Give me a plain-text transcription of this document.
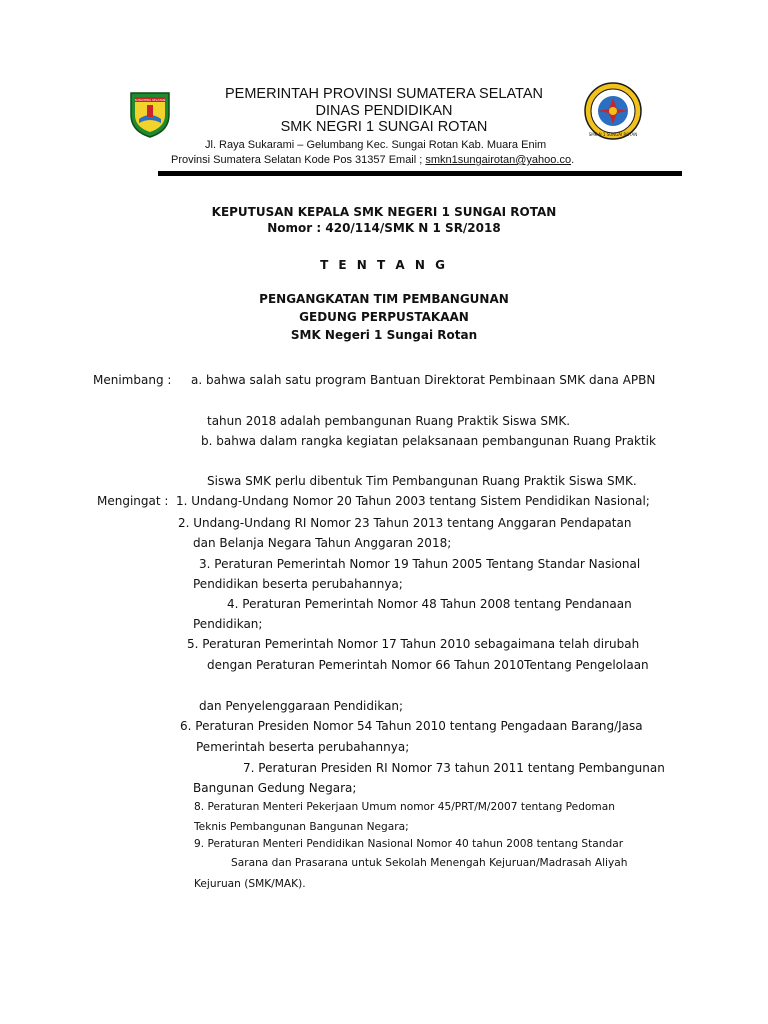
SUMATERA SELATAN
SMK N 1 SUNGAI ROTAN
PEMERINTAH PROVINSI SUMATERA SELATAN
DINAS PENDIDIKAN
SMK NEGRI 1 SUNGAI ROTAN
Jl. Raya Sukarami – Gelumbang Kec. Sungai Rotan Kab. Muara Enim
Provinsi Sumatera Selatan Kode Pos 31357 Email ; smkn1sungairotan@yahoo.co.
KEPUTUSAN KEPALA SMK NEGERI 1 SUNGAI ROTAN
Nomor : 420/114/SMK N 1 SR/2018
T E N T A N G
PENGANGKATAN TIM PEMBANGUNAN
GEDUNG PERPUSTAKAAN
SMK Negeri 1 Sungai Rotan
Menimbang : a. bahwa salah satu program Bantuan Direktorat Pembinaan SMK dana APBN
tahun 2018 adalah pembangunan Ruang Praktik Siswa SMK.
b. bahwa dalam rangka kegiatan pelaksanaan pembangunan Ruang Praktik
Siswa SMK perlu dibentuk Tim Pembangunan Ruang Praktik Siswa SMK.
Mengingat : 1. Undang-Undang Nomor 20 Tahun 2003 tentang Sistem Pendidikan Nasional;
2. Undang-Undang RI Nomor 23 Tahun 2013 tentang Anggaran Pendapatan
dan Belanja Negara Tahun Anggaran 2018;
3. Peraturan Pemerintah Nomor 19 Tahun 2005 Tentang Standar Nasional
Pendidikan beserta perubahannya;
4. Peraturan Pemerintah Nomor 48 Tahun 2008 tentang Pendanaan
Pendidikan;
5. Peraturan Pemerintah Nomor 17 Tahun 2010 sebagaimana telah dirubah
dengan Peraturan Pemerintah Nomor 66 Tahun 2010Tentang Pengelolaan
dan Penyelenggaraan Pendidikan;
6. Peraturan Presiden Nomor 54 Tahun 2010 tentang Pengadaan Barang/Jasa
Pemerintah beserta perubahannya;
7. Peraturan Presiden RI Nomor 73 tahun 2011 tentang Pembangunan
Bangunan Gedung Negara;
8. Peraturan Menteri Pekerjaan Umum nomor 45/PRT/M/2007 tentang Pedoman
Teknis Pembangunan Bangunan Negara;
9. Peraturan Menteri Pendidikan Nasional Nomor 40 tahun 2008 tentang Standar
Sarana dan Prasarana untuk Sekolah Menengah Kejuruan/Madrasah Aliyah
Kejuruan (SMK/MAK).
